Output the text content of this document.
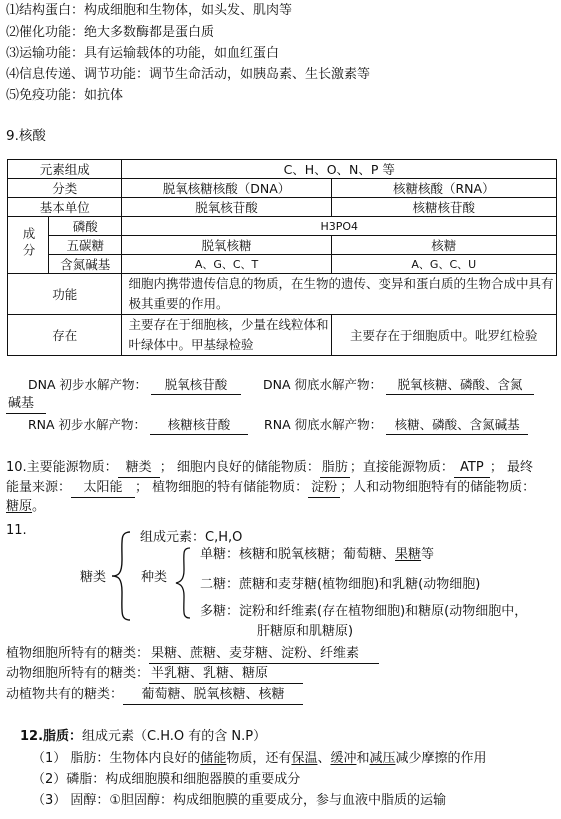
⑴结构蛋白：构成细胞和生物体，如头发、肌肉等
⑵催化功能：绝大多数酶都是蛋白质
⑶运输功能：具有运输载体的功能，如血红蛋白
⑷信息传递、调节功能：调节生命活动，如胰岛素、生长激素等
⑸免疫功能：如抗体
9.核酸
元素组成		C、H、O、N、P 等	
分类		脱氧核糖核酸（DNA）	核糖核酸（RNA）
基本单位		脱氧核苷酸	核糖核苷酸
成分	磷酸	H3PO4	
	五碳糖	脱氧核糖	核糖
	含氮碱基	A、G、C、T	A、G、C、U
功能		细胞内携带遗传信息的物质，在生物的遗传、变异和蛋白质的生物合成中具有极其重要的作用。	
存在		主要存在于细胞核，少量在线粒体和叶绿体中。甲基绿检验	主要存在于细胞质中。吡罗红检验
DNA 初步水解产物： 脱氧核苷酸	DNA 彻底水解产物： 脱氧核糖、磷酸、含氮
碱基
RNA 初步水解产物： 核糖核苷酸	RNA 彻底水解产物： 核糖、磷酸、含氮碱基
10.主要能源物质： 糖类 ； 细胞内良好的储能物质： 脂肪 ；直接能源物质： ATP ； 最终
能量来源： 太阳能 ； 植物细胞的特有储能物质： 淀粉 ；人和动物细胞特有的储能物质：
糖原。
11.
糖类
组成元素：C,H,O
种类
单糖：核糖和脱氧核糖；葡萄糖、果糖等
二糖：蔗糖和麦芽糖(植物细胞)和乳糖(动物细胞)
多糖：淀粉和纤维素(存在植物细胞)和糖原(动物细胞中，
肝糖原和肌糖原)
植物细胞所特有的糖类： 果糖、蔗糖、麦芽糖、淀粉、纤维素
动物细胞所特有的糖类： 半乳糖、乳糖、糖原
动植物共有的糖类： 葡萄糖、脱氧核糖、核糖
12.脂质：组成元素（C.H.O 有的含 N.P）
（1） 脂肪：生物体内良好的储能物质，还有保温、缓冲和减压减少摩擦的作用
（2）磷脂：构成细胞膜和细胞器膜的重要成分
（3） 固醇：①胆固醇：构成细胞膜的重要成分，参与血液中脂质的运输
